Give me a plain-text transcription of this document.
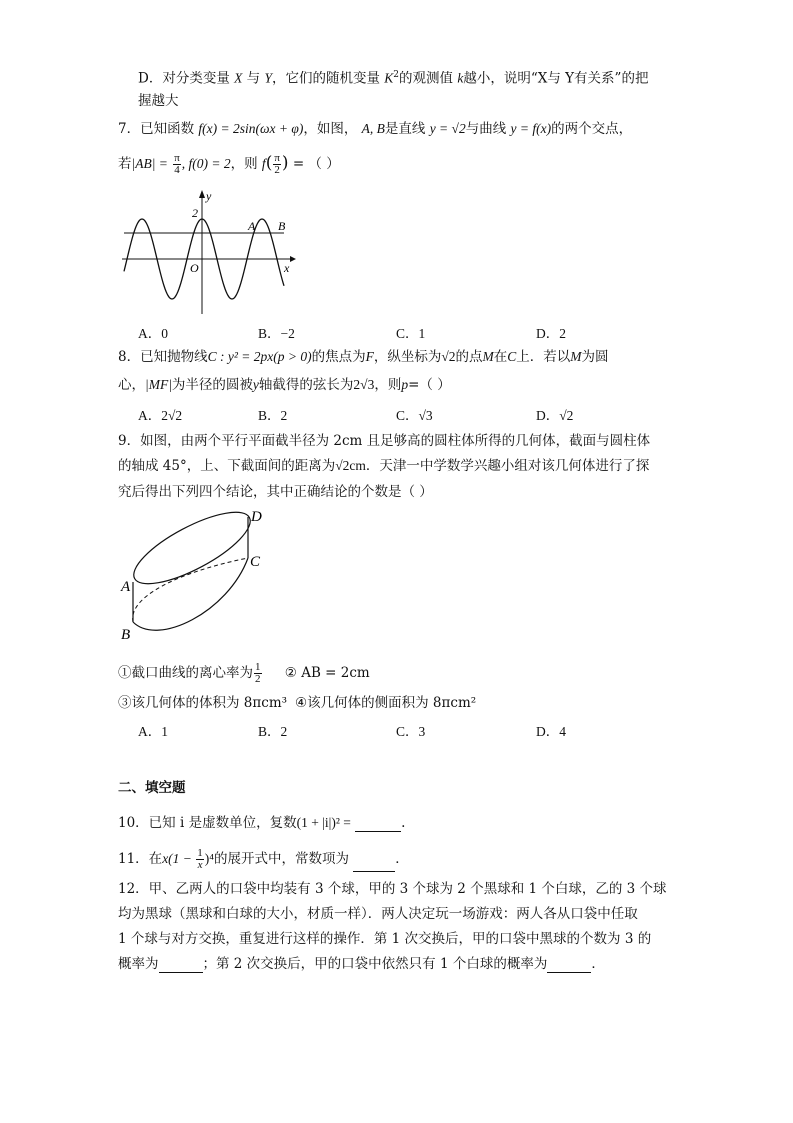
D．对分类变量 X 与 Y，它们的随机变量 $K^2$的观测值 k越小，说明“X与 Y有关系”的把
握越大
7．已知函数 f(x) = 2sin(ωx + φ)，如图， A, B是直线 y = √2与曲线 y = f(x)的两个交点，
若$|AB| = \frac{\pi}{4}$ , f(0) = 2，则 $f( \frac{\pi}{2}$ ) = （ ）
y
2
A B
O	x
A．0	B．−2	C．1	D．2
8．已知抛物线C : y² = 2px(p > 0)的焦点为F，纵坐标为√2的点M在C上．若以M为圆
心，|MF|为半径的圆被y轴截得的弦长为2√3，则p=（ ）
A．2√2	B．2	C．√3	D．√2
9．如图，由两个平行平面截半径为 2cm 且足够高的圆柱体所得的几何体，截面与圆柱体
的轴成 45°，上、下截面间的距离为√2cm．天津一中学数学兴趣小组对该几何体进行了探
究后得出下列四个结论，其中正确结论的个数是（ ）
D
C
A
B
①截口曲线的离心率为 $\frac{1}{2}$ ② AB = 2cm
③该几何体的体积为 8πcm³ ④该几何体的侧面积为 8πcm²
A．1	B．2	C．3	D．4
二、填空题
10．已知 i 是虚数单位，复数(1 + |i|)² =	.
11．在$x(1 - \frac{1}{x} )^4$的展开式中，常数项为	．
12．甲、乙两人的口袋中均装有 3 个球，甲的 3 个球为 2 个黑球和 1 个白球，乙的 3 个球
均为黑球（黑球和白球的大小，材质一样）．两人决定玩一场游戏：两人各从口袋中任取
1 个球与对方交换，重复进行这样的操作．第 1 次交换后，甲的口袋中黑球的个数为 3 的
概率为	；第 2 次交换后，甲的口袋中依然只有 1 个白球的概率为	．
